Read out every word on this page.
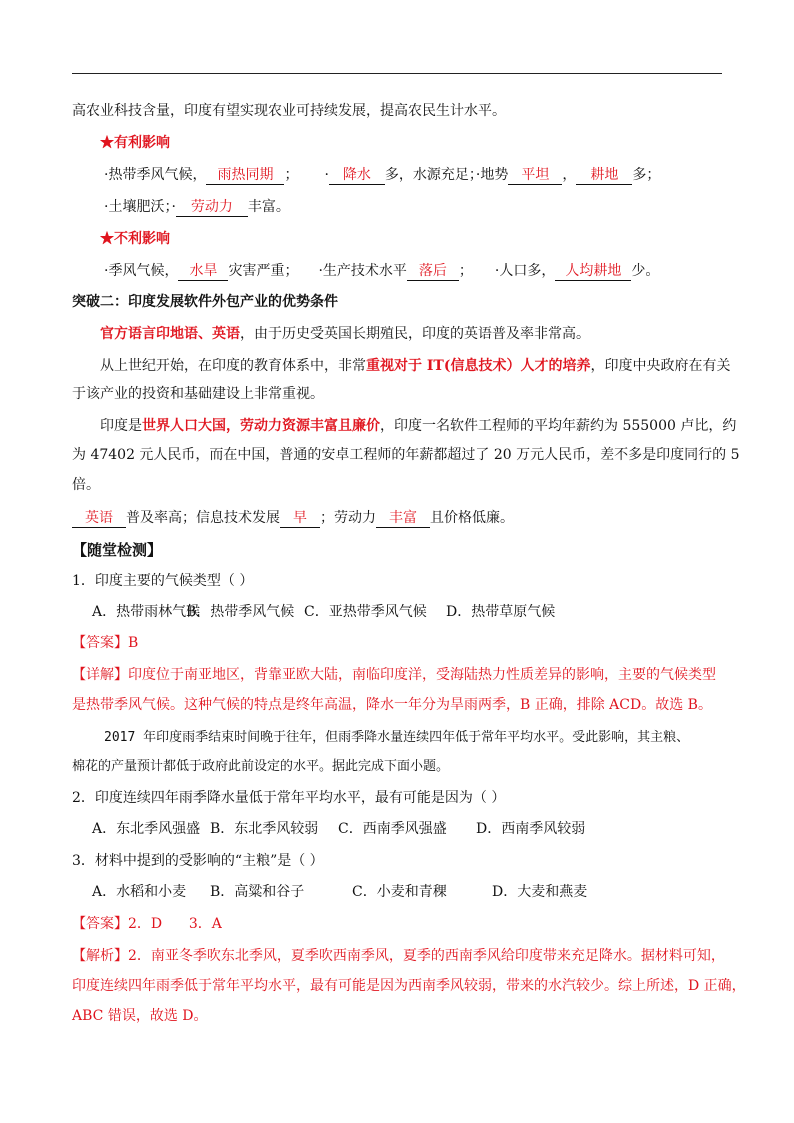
高农业科技含量，印度有望实现农业可持续发展，提高农民生计水平。
★有利影响
·热带季风气候， 雨热同期 ； · 降水 多，水源充足；·地势 平坦 ， 耕地 多；
·土壤肥沃；· 劳动力 丰富。
★不利影响
·季风气候， 水旱 灾害严重； ·生产技术水平 落后 ； ·人口多， 人均耕地 少。
突破二：印度发展软件外包产业的优势条件
官方语言印地语、英语，由于历史受英国长期殖民，印度的英语普及率非常高。
从上世纪开始，在印度的教育体系中，非常重视对于 IT(信息技术）人才的培养，印度中央政府在有关
于该产业的投资和基础建设上非常重视。
印度是世界人口大国，劳动力资源丰富且廉价，印度一名软件工程师的平均年薪约为 555000 卢比，约
为 47402 元人民币，而在中国，普通的安卓工程师的年薪都超过了 20 万元人民币，差不多是印度同行的 5
倍。
英语 普及率高；信息技术发展 早 ；劳动力 丰富 且价格低廉。
【随堂检测】
1．印度主要的气候类型（ ）
A．热带雨林气候B．热带季风气候 C．亚热带季风气候 D．热带草原气候
【答案】B
【详解】印度位于南亚地区，背靠亚欧大陆，南临印度洋，受海陆热力性质差异的影响，主要的气候类型
是热带季风气候。这种气候的特点是终年高温，降水一年分为旱雨两季，B 正确，排除 ACD。故选 B。
2017 年印度雨季结束时间晚于往年，但雨季降水量连续四年低于常年平均水平。受此影响，其主粮、
棉花的产量预计都低于政府此前设定的水平。据此完成下面小题。
2．印度连续四年雨季降水量低于常年平均水平，最有可能是因为（ ）
A．东北季风强盛 B．东北季风较弱 C．西南季风强盛 D．西南季风较弱
3．材料中提到的受影响的“主粮”是（ ）
A．水稻和小麦 B．高粱和谷子	C．小麦和青稞	D．大麦和燕麦
【答案】2．D      3．A
【解析】2．南亚冬季吹东北季风，夏季吹西南季风，夏季的西南季风给印度带来充足降水。据材料可知，
印度连续四年雨季低于常年平均水平，最有可能是因为西南季风较弱，带来的水汽较少。综上所述，D 正确，
ABC 错误，故选 D。
